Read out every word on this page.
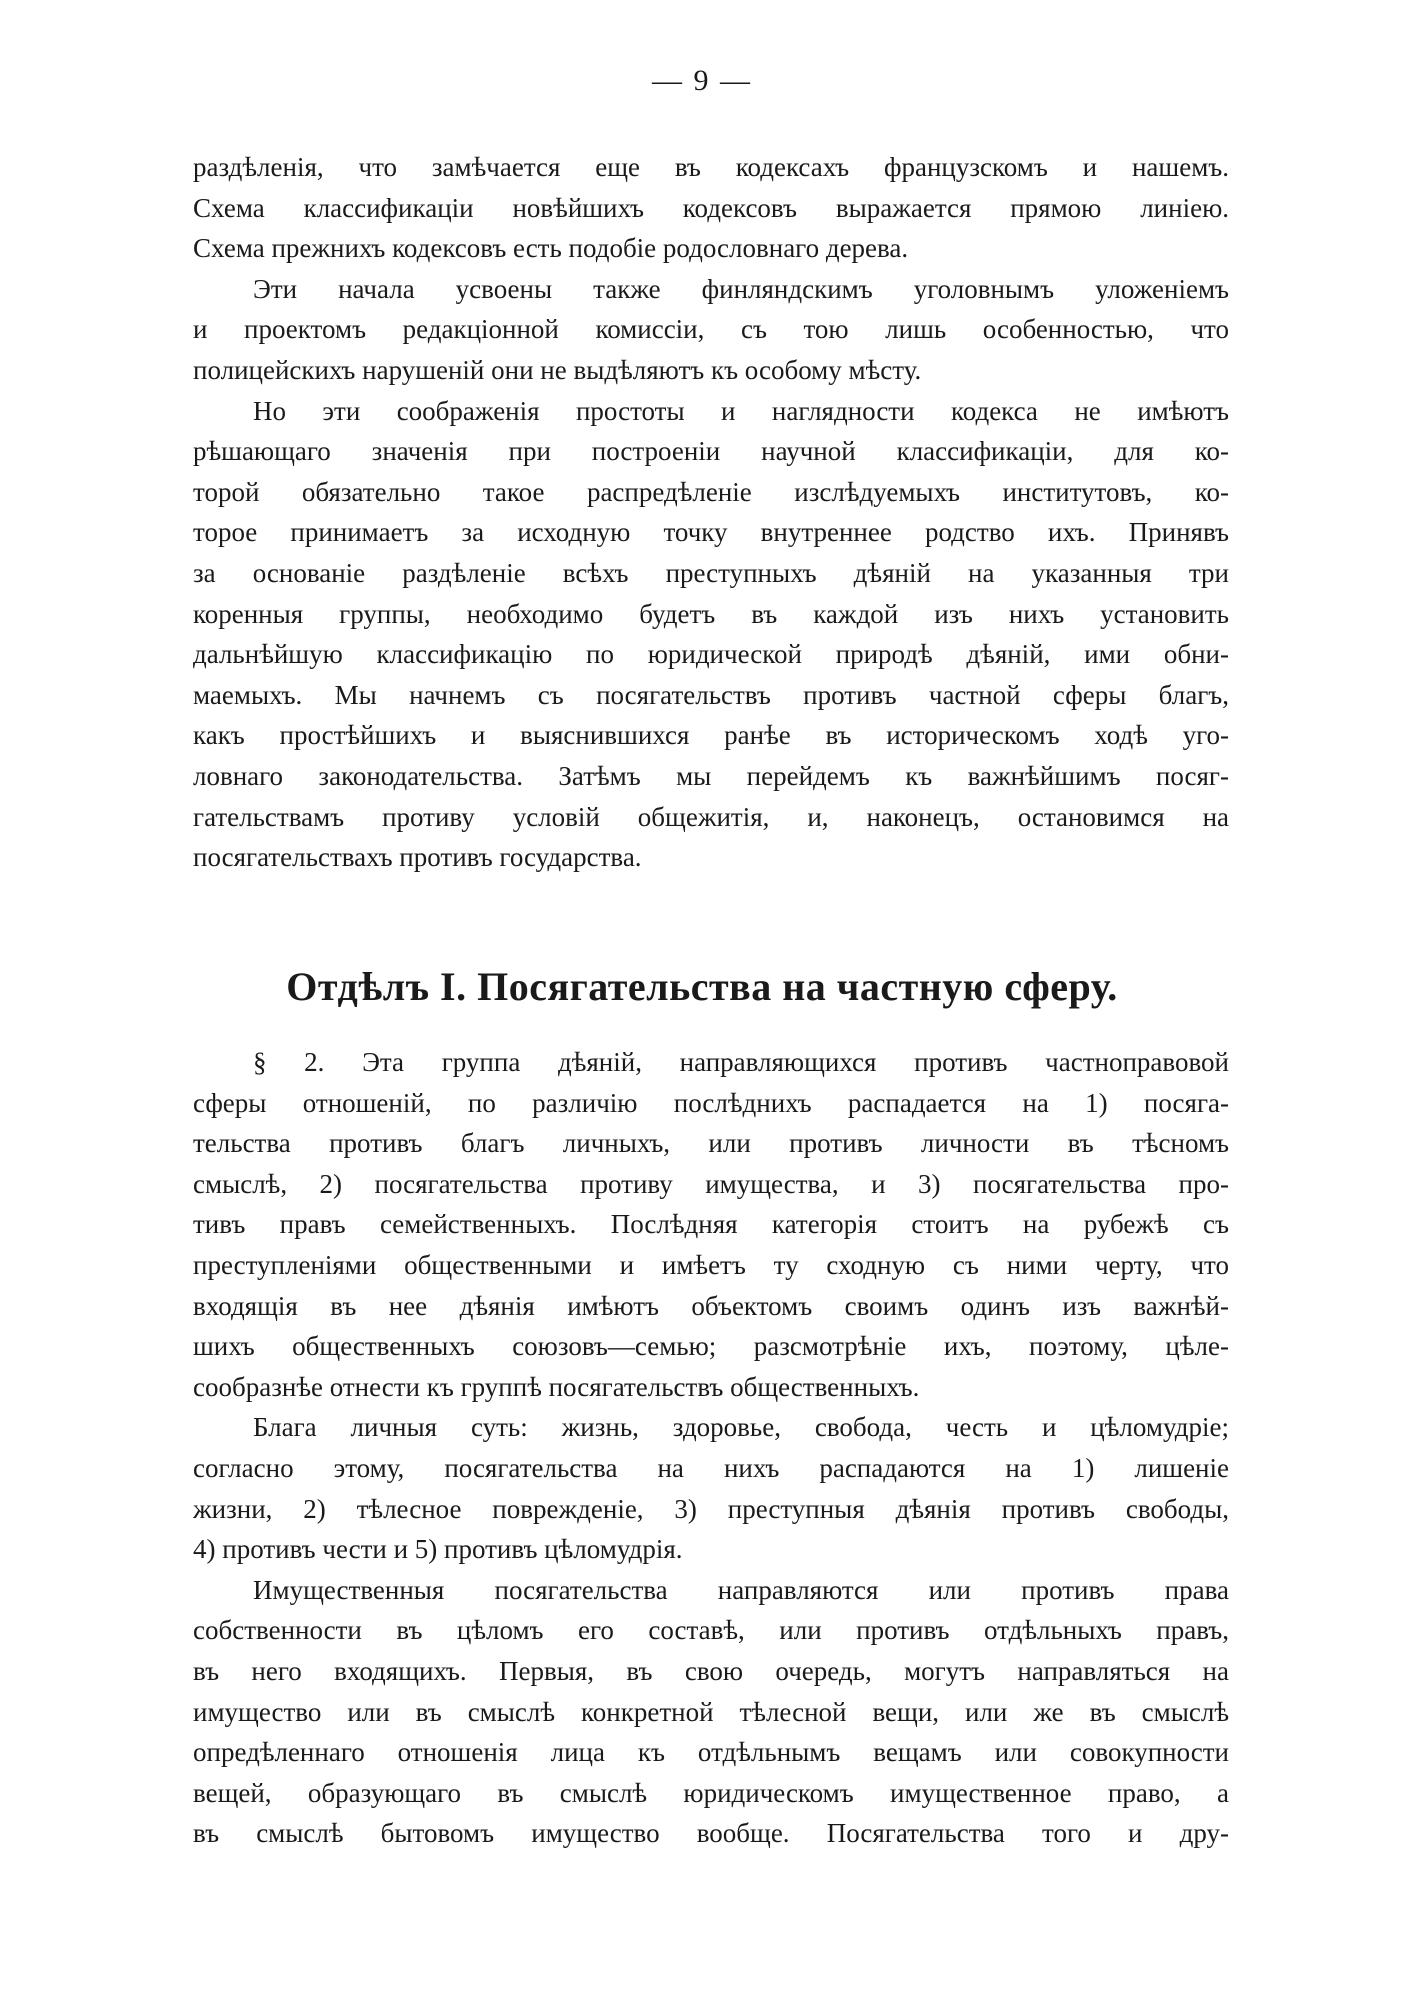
— 9 —
раздѣленія, что замѣчается еще въ кодексахъ французскомъ и нашемъ.
Схема классификаціи новѣйшихъ кодексовъ выражается прямою линіею.
Схема прежнихъ кодексовъ есть подобіе родословнаго дерева.
Эти начала усвоены также финляндскимъ уголовнымъ уложеніемъ
и проектомъ редакціонной комиссіи, съ тою лишь особенностью, что
полицейскихъ нарушеній они не выдѣляютъ къ особому мѣсту.
Но эти соображенія простоты и наглядности кодекса не имѣютъ
рѣшающаго значенія при построеніи научной классификаціи, для ко-
торой обязательно такое распредѣленіе изслѣдуемыхъ институтовъ, ко-
торое принимаетъ за исходную точку внутреннее родство ихъ. Принявъ
за основаніе раздѣленіе всѣхъ преступныхъ дѣяній на указанныя три
коренныя группы, необходимо будетъ въ каждой изъ нихъ установить
дальнѣйшую классификацію по юридической природѣ дѣяній, ими обни-
маемыхъ. Мы начнемъ съ посягательствъ противъ частной сферы благъ,
какъ простѣйшихъ и выяснившихся ранѣе въ историческомъ ходѣ уго-
ловнаго законодательства. Затѣмъ мы перейдемъ къ важнѣйшимъ посяг-
гательствамъ противу условій общежитія, и, наконецъ, остановимся на
посягательствахъ противъ государства.
Отдѣлъ I. Посягательства на частную сферу.
§ 2. Эта группа дѣяній, направляющихся противъ частноправовой
сферы отношеній, по различію послѣднихъ распадается на 1) посяга-
тельства противъ благъ личныхъ, или противъ личности въ тѣсномъ
смыслѣ, 2) посягательства противу имущества, и 3) посягательства про-
тивъ правъ семейственныхъ. Послѣдняя категорія стоитъ на рубежѣ съ
преступленіями общественными и имѣетъ ту сходную съ ними черту, что
входящія въ нее дѣянія имѣютъ объектомъ своимъ одинъ изъ важнѣй-
шихъ общественныхъ союзовъ—семью; разсмотрѣніе ихъ, поэтому, цѣле-
сообразнѣе отнести къ группѣ посягательствъ общественныхъ.
Блага личныя суть: жизнь, здоровье, свобода, честь и цѣломудріе;
согласно этому, посягательства на нихъ распадаются на 1) лишеніе
жизни, 2) тѣлесное поврежденіе, 3) преступныя дѣянія противъ свободы,
4) противъ чести и 5) противъ цѣломудрія.
Имущественныя посягательства направляются или противъ права
собственности въ цѣломъ его составѣ, или противъ отдѣльныхъ правъ,
въ него входящихъ. Первыя, въ свою очередь, могутъ направляться на
имущество или въ смыслѣ конкретной тѣлесной вещи, или же въ смыслѣ
опредѣленнаго отношенія лица къ отдѣльнымъ вещамъ или совокупности
вещей, образующаго въ смыслѣ юридическомъ имущественное право, а
въ смыслѣ бытовомъ имущество вообще. Посягательства того и дру-
